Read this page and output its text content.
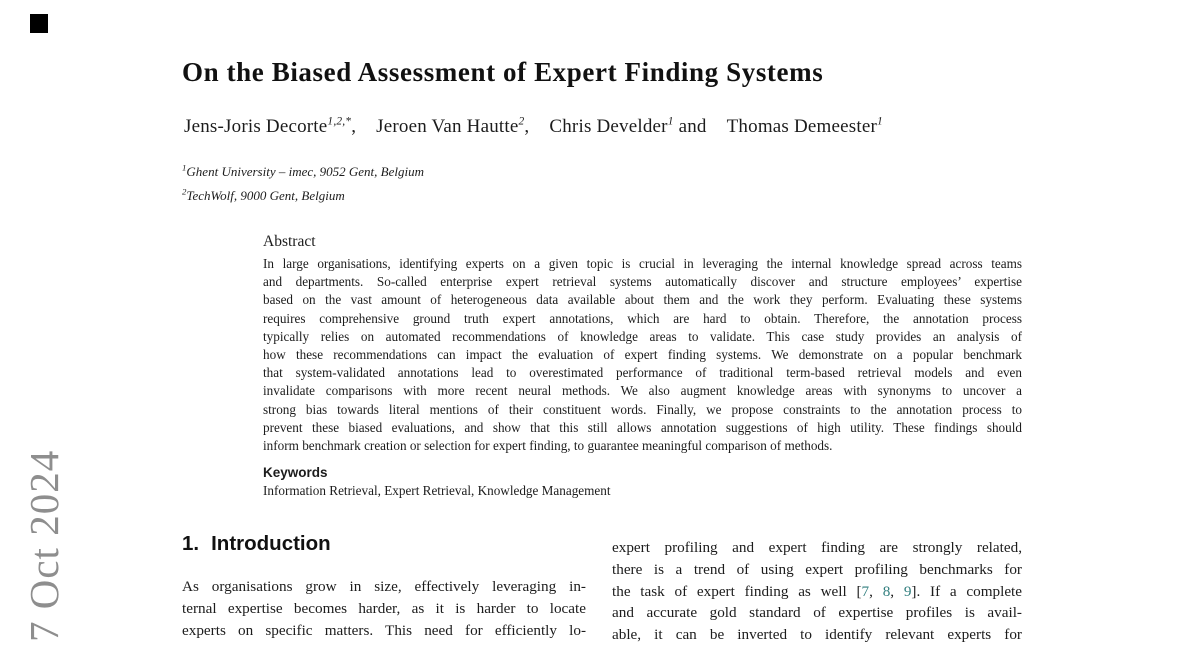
7 Oct 2024
On the Biased Assessment of Expert Finding Systems
Jens-Joris Decorte$^{1,2,*}$, Jeroen Van Hautte$^2$, Chris Develder$^1$ and Thomas Demeester$^1$
$^1$Ghent University – imec, 9052 Gent, Belgium
$^2$TechWolf, 9000 Gent, Belgium
Abstract
In large organisations, identifying experts on a given topic is crucial in leveraging the internal knowledge spread across teams
and departments. So-called enterprise expert retrieval systems automatically discover and structure employees’ expertise
based on the vast amount of heterogeneous data available about them and the work they perform. Evaluating these systems
requires comprehensive ground truth expert annotations, which are hard to obtain. Therefore, the annotation process
typically relies on automated recommendations of knowledge areas to validate. This case study provides an analysis of
how these recommendations can impact the evaluation of expert finding systems. We demonstrate on a popular benchmark
that system-validated annotations lead to overestimated performance of traditional term-based retrieval models and even
invalidate comparisons with more recent neural methods. We also augment knowledge areas with synonyms to uncover a
strong bias towards literal mentions of their constituent words. Finally, we propose constraints to the annotation process to
prevent these biased evaluations, and show that this still allows annotation suggestions of high utility. These findings should
inform benchmark creation or selection for expert finding, to guarantee meaningful comparison of methods.
Keywords
Information Retrieval, Expert Retrieval, Knowledge Management
1. Introduction
As organisations grow in size, effectively leveraging in-
ternal expertise becomes harder, as it is harder to locate
experts on specific matters. This need for efficiently lo-
expert profiling and expert finding are strongly related,
there is a trend of using expert profiling benchmarks for
the task of expert finding as well [7, 8, 9]. If a complete
and accurate gold standard of expertise profiles is avail-
able, it can be inverted to identify relevant experts for
